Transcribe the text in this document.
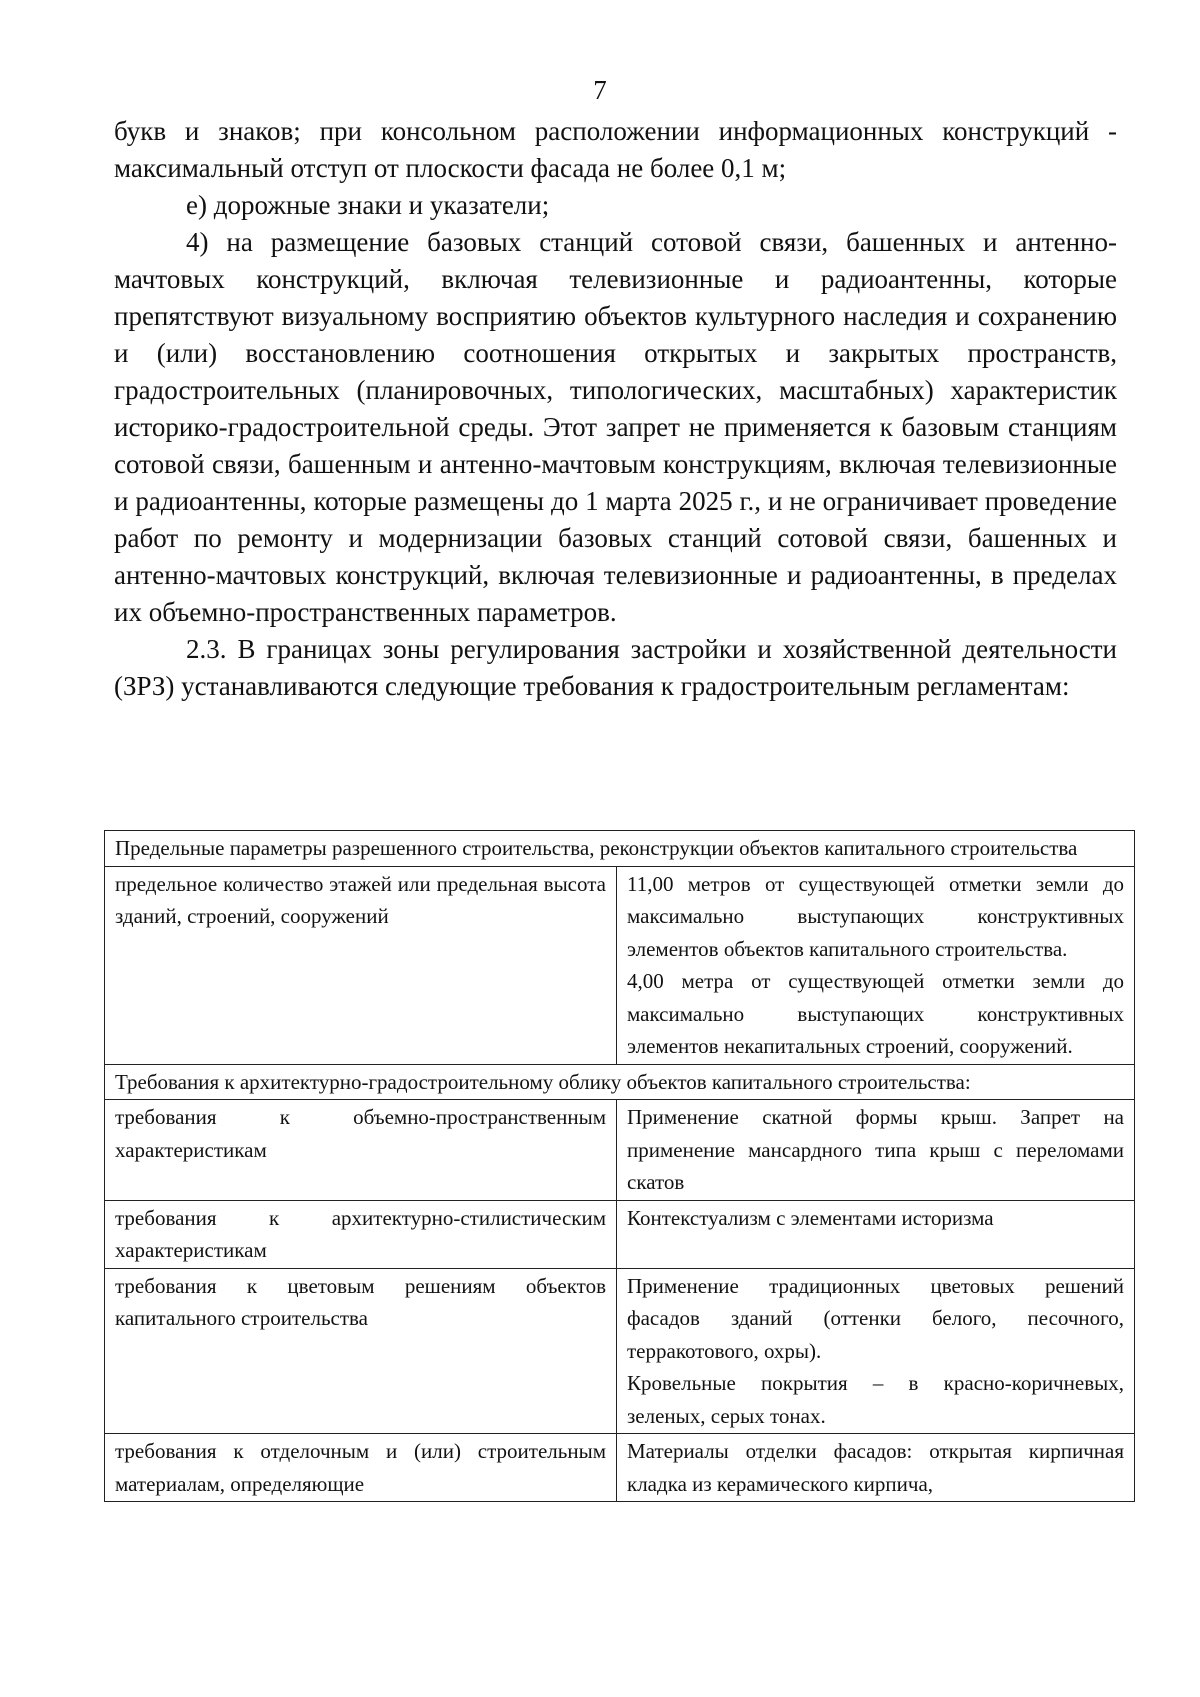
7

букв и знаков; при консольном расположении информационных конструкций - максимальный отступ от плоскости фасада не более 0,1 м;

е) дорожные знаки и указатели;

4) на размещение базовых станций сотовой связи, башенных и антенно-мачтовых конструкций, включая телевизионные и радиоантенны, которые препятствуют визуальному восприятию объектов культурного наследия и сохранению и (или) восстановлению соотношения открытых и закрытых пространств, градостроительных (планировочных, типологических, масштабных) характеристик историко-градостроительной среды. Этот запрет не применяется к базовым станциям сотовой связи, башенным и антенно-мачтовым конструкциям, включая телевизионные и радиоантенны, которые размещены до 1 марта 2025 г., и не ограничивает проведение работ по ремонту и модернизации базовых станций сотовой связи, башенных и антенно-мачтовых конструкций, включая телевизионные и радиоантенны, в пределах их объемно-пространственных параметров.

2.3. В границах зоны регулирования застройки и хозяйственной деятельности (ЗРЗ) устанавливаются следующие требования к градостроительным регламентам:

Предельные параметры разрешенного строительства, реконструкции объектов капитального строительства	
предельное количество этажей или предельная высота зданий, строений, сооружений	11,00 метров от существующей отметки земли до максимально выступающих конструктивных элементов объектов капитального строительства.
4,00 метра от существующей отметки земли до максимально выступающих конструктивных элементов некапитальных строений, сооружений.

Требования к архитектурно-градостроительному облику объектов капитального строительства:	
требования к объемно-пространственным характеристикам	Применение скатной формы крыш. Запрет на применение мансардного типа крыш с переломами скатов
требования к архитектурно-стилистическим характеристикам	Контекстуализм с элементами историзма
требования к цветовым решениям объектов капитального строительства	Применение традиционных цветовых решений фасадов зданий (оттенки белого, песочного, терракотового, охры).
Кровельные покрытия – в красно-коричневых, зеленых, серых тонах.

требования к отделочным и (или) строительным материалам, определяющие	Материалы отделки фасадов: открытая кирпичная кладка из керамического кирпича,
